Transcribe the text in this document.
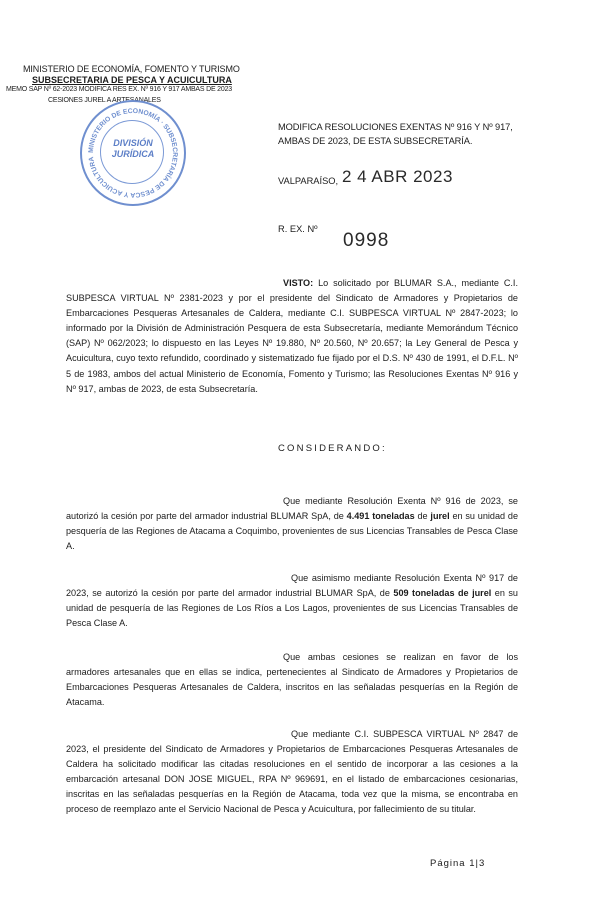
MINISTERIO DE ECONOMÍA, FOMENTO Y TURISMO
SUBSECRETARIA DE PESCA Y ACUICULTURA
MEMO SAP Nº 62-2023 MODIFICA RES EX. Nº 916 Y 917 AMBAS DE 2023
CESIONES JUREL A ARTESANALES
MINISTERIO DE ECONOMÍA · SUBSECRETARÍA DE PESCA Y ACUICULTURA
DIVISIÓN
JURÍDICA
MODIFICA RESOLUCIONES EXENTAS Nº 916 Y Nº 917,
AMBAS DE 2023, DE ESTA SUBSECRETARÍA.
VALPARAÍSO, 2 4 ABR 2023
R. EX. Nº
0998
VISTO: Lo solicitado por BLUMAR S.A., mediante C.I. SUBPESCA VIRTUAL Nº 2381-2023 y por el presidente del Sindicato de Armadores y Propietarios de Embarcaciones Pesqueras Artesanales de Caldera, mediante C.I. SUBPESCA VIRTUAL Nº 2847-2023; lo informado por la División de Administración Pesquera de esta Subsecretaría, mediante Memorándum Técnico (SAP) Nº 062/2023; lo dispuesto en las Leyes Nº 19.880, Nº 20.560, Nº 20.657; la Ley General de Pesca y Acuicultura, cuyo texto refundido, coordinado y sistematizado fue fijado por el D.S. Nº 430 de 1991, el D.F.L. Nº 5 de 1983, ambos del actual Ministerio de Economía, Fomento y Turismo; las Resoluciones Exentas Nº 916 y Nº 917, ambas de 2023, de esta Subsecretaría.
CONSIDERANDO:
Que mediante Resolución Exenta Nº 916 de 2023, se autorizó la cesión por parte del armador industrial BLUMAR SpA, de 4.491 toneladas de jurel en su unidad de pesquería de las Regiones de Atacama a Coquimbo, provenientes de sus Licencias Transables de Pesca Clase A.
Que asimismo mediante Resolución Exenta Nº 917 de 2023, se autorizó la cesión por parte del armador industrial BLUMAR SpA, de 509 toneladas de jurel en su unidad de pesquería de las Regiones de Los Ríos a Los Lagos, provenientes de sus Licencias Transables de Pesca Clase A.
Que ambas cesiones se realizan en favor de los armadores artesanales que en ellas se indica, pertenecientes al Sindicato de Armadores y Propietarios de Embarcaciones Pesqueras Artesanales de Caldera, inscritos en las señaladas pesquerías en la Región de Atacama.
Que mediante C.I. SUBPESCA VIRTUAL Nº 2847 de 2023, el presidente del Sindicato de Armadores y Propietarios de Embarcaciones Pesqueras Artesanales de Caldera ha solicitado modificar las citadas resoluciones en el sentido de incorporar a las cesiones a la embarcación artesanal DON JOSE MIGUEL, RPA Nº 969691, en el listado de embarcaciones cesionarias, inscritas en las señaladas pesquerías en la Región de Atacama, toda vez que la misma, se encontraba en proceso de reemplazo ante el Servicio Nacional de Pesca y Acuicultura, por fallecimiento de su titular.
Página 1|3
